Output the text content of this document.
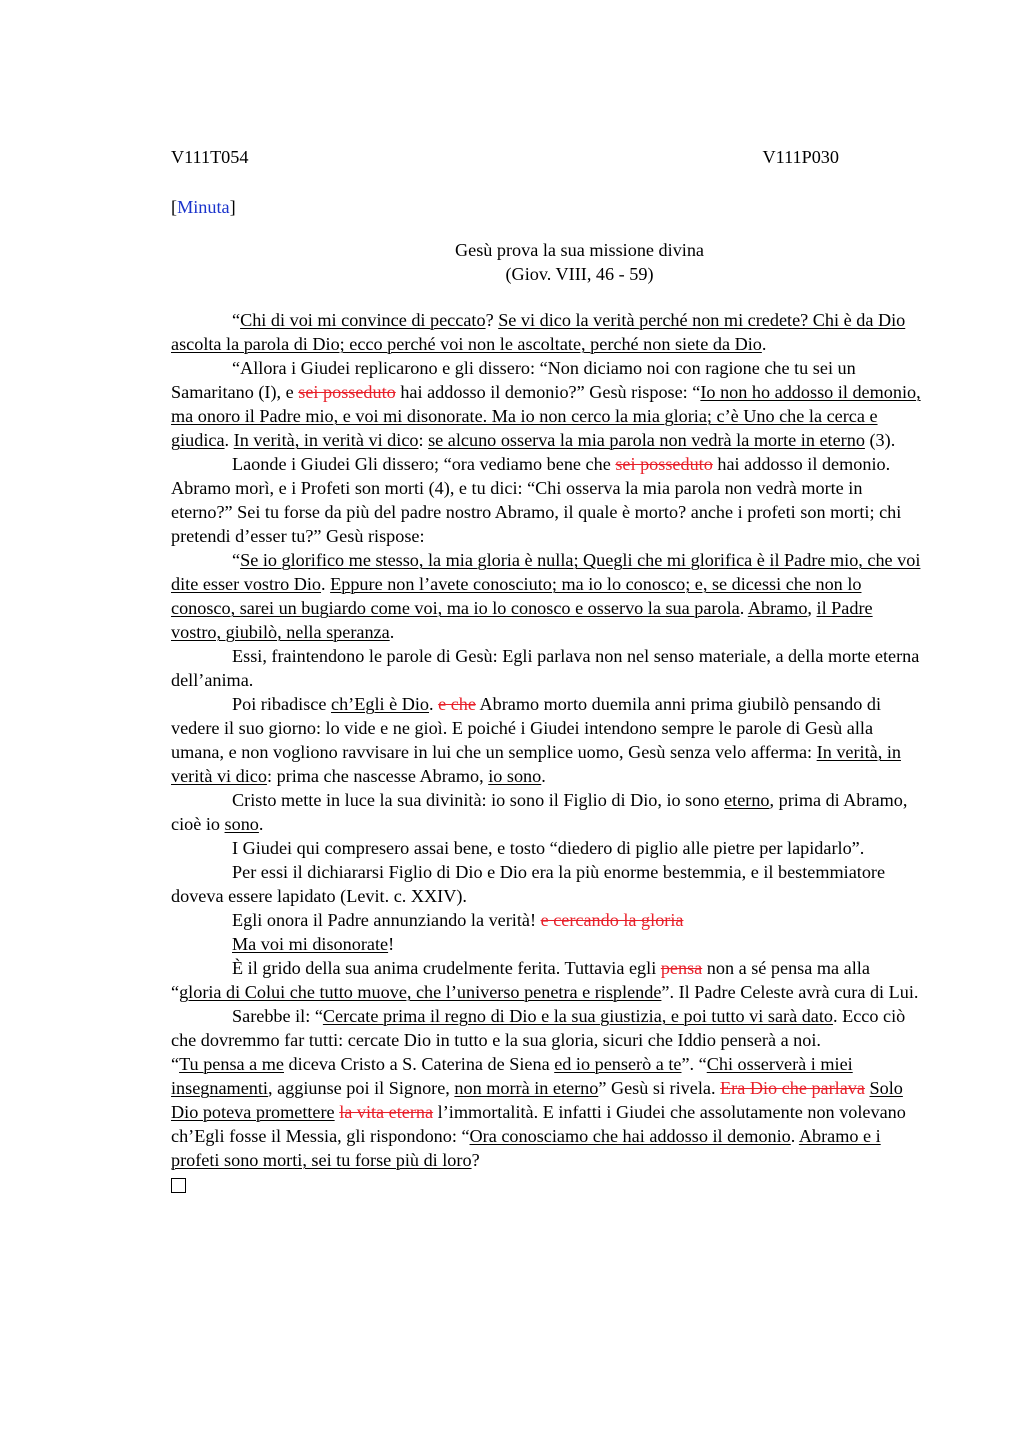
V111T054	V111P030
[Minuta]
Gesù prova la sua missione divina
(Giov. VIII, 46 - 59)

“Chi di voi mi convince di peccato? Se vi dico la verità perché non mi credete? Chi è da Dio ascolta la parola di Dio; ecco perché voi non le ascoltate, perché non siete da Dio.

“Allora i Giudei replicarono e gli dissero: “Non diciamo noi con ragione che tu sei un Samaritano (I), e sei posseduto hai addosso il demonio?” Gesù rispose: “Io non ho addosso il demonio, ma onoro il Padre mio, e voi mi disonorate. Ma io non cerco la mia gloria; c’è Uno che la cerca e giudica. In verità, in verità vi dico: se alcuno osserva la mia parola non vedrà la morte in eterno (3).

Laonde i Giudei Gli dissero; “ora vediamo bene che sei posseduto hai addosso il demonio. Abramo morì, e i Profeti son morti (4), e tu dici: “Chi osserva la mia parola non vedrà morte in eterno?” Sei tu forse da più del padre nostro Abramo, il quale è morto? anche i profeti son morti; chi pretendi d’esser tu?” Gesù rispose:

“Se io glorifico me stesso, la mia gloria è nulla; Quegli che mi glorifica è il Padre mio, che voi dite esser vostro Dio. Eppure non l’avete conosciuto; ma io lo conosco; e, se dicessi che non lo conosco, sarei un bugiardo come voi, ma io lo conosco e osservo la sua parola. Abramo, il Padre vostro, giubilò, nella speranza.

Essi, fraintendono le parole di Gesù: Egli parlava non nel senso materiale, a della morte eterna dell’anima.

Poi ribadisce ch’Egli è Dio. e che Abramo morto duemila anni prima giubilò pensando di vedere il suo giorno: lo vide e ne gioì. E poiché i Giudei intendono sempre le parole di Gesù alla umana, e non vogliono ravvisare in lui che un semplice uomo, Gesù senza velo afferma: In verità, in verità vi dico: prima che nascesse Abramo, io sono.

Cristo mette in luce la sua divinità: io sono il Figlio di Dio, io sono eterno, prima di Abramo, cioè io sono.

I Giudei qui compresero assai bene, e tosto “diedero di piglio alle pietre per lapidarlo”.

Per essi il dichiararsi Figlio di Dio e Dio era la più enorme bestemmia, e il bestemmiatore doveva essere lapidato (Levit. c. XXIV).

Egli onora il Padre annunziando la verità! e cercando la gloria

Ma voi mi disonorate!

È il grido della sua anima crudelmente ferita. Tuttavia egli pensa non a sé pensa ma alla “gloria di Colui che tutto muove, che l’universo penetra e risplende”. Il Padre Celeste avrà cura di Lui.

Sarebbe il: “Cercate prima il regno di Dio e la sua giustizia, e poi tutto vi sarà dato. Ecco ciò che dovremmo far tutti: cercate Dio in tutto e la sua gloria, sicuri che Iddio penserà a noi.

“Tu pensa a me diceva Cristo a S. Caterina de Siena ed io penserò a te”. “Chi osserverà i miei insegnamenti, aggiunse poi il Signore, non morrà in eterno” Gesù si rivela. Era Dio che parlava Solo Dio poteva promettere la vita eterna l’immortalità. E infatti i Giudei che assolutamente non volevano ch’Egli fosse il Messia, gli rispondono: “Ora conosciamo che hai addosso il demonio. Abramo e i profeti sono morti, sei tu forse più di loro?
